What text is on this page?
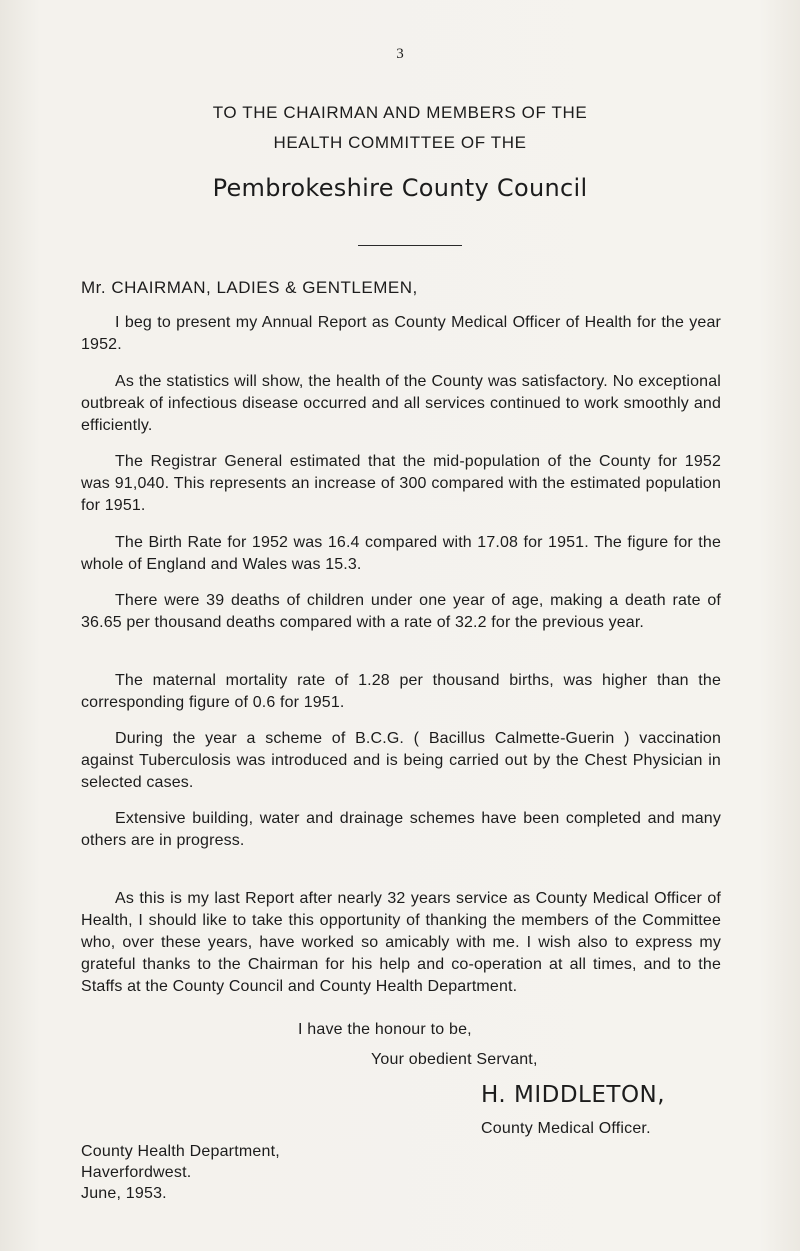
3
TO THE CHAIRMAN AND MEMBERS OF THE
HEALTH COMMITTEE OF THE
Pembrokeshire County Council
Mr. CHAIRMAN, LADIES & GENTLEMEN,

I beg to present my Annual Report as County Medical Officer of Health for the year 1952.

As the statistics will show, the health of the County was satisfactory. No exceptional outbreak of infectious disease occurred and all services continued to work smoothly and efficiently.

The Registrar General estimated that the mid-population of the County for 1952 was 91,040. This represents an increase of 300 compared with the estimated population for 1951.

The Birth Rate for 1952 was 16.4 compared with 17.08 for 1951. The figure for the whole of England and Wales was 15.3.

There were 39 deaths of children under one year of age, making a death rate of 36.65 per thousand deaths compared with a rate of 32.2 for the previous year.

The maternal mortality rate of 1.28 per thousand births, was higher than the corresponding figure of 0.6 for 1951.

During the year a scheme of B.C.G. ( Bacillus Calmette-Guerin ) vaccination against Tuberculosis was introduced and is being carried out by the Chest Physician in selected cases.

Extensive building, water and drainage schemes have been completed and many others are in progress.

As this is my last Report after nearly 32 years service as County Medical Officer of Health, I should like to take this opportunity of thanking the members of the Committee who, over these years, have worked so amicably with me. I wish also to express my grateful thanks to the Chairman for his help and co-operation at all times, and to the Staffs at the County Council and County Health Department.

I have the honour to be,
Your obedient Servant,
H. MIDDLETON,
County Medical Officer.
County Health Department,
Haverfordwest.
June, 1953.
